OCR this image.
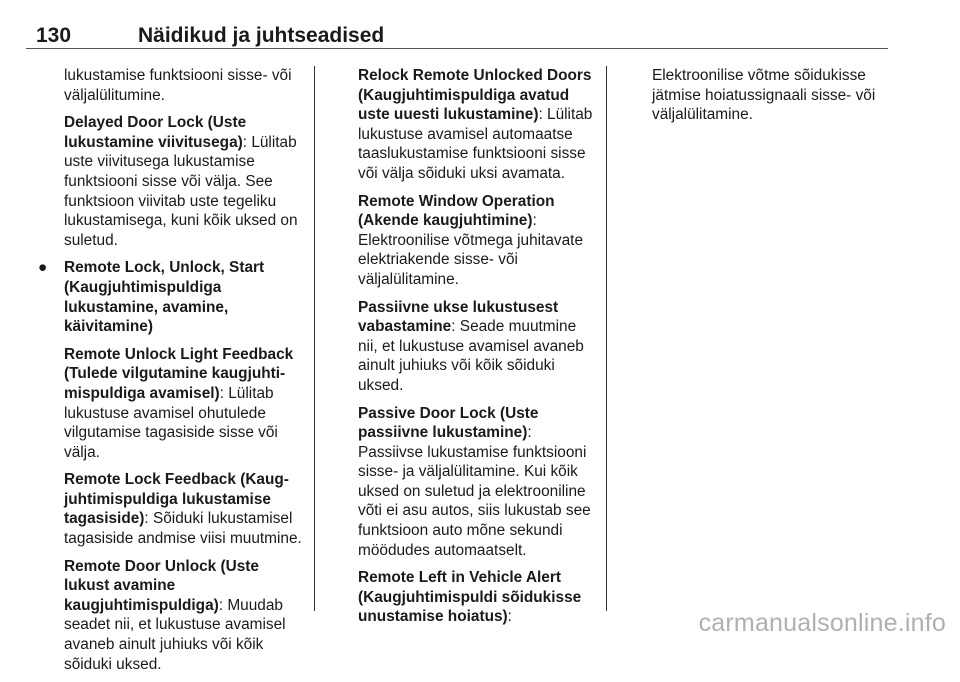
130	Näidikud ja juhtseadised

lukustamise funktsiooni sisse- või väljalülitumine.

Delayed Door Lock (Uste lukustamine viivitusega): Lülitab uste viivitusega lukustamise funktsiooni sisse või välja. See funktsioon viivitab uste tegeliku lukustamisega, kuni kõik uksed on suletud.

● Remote Lock, Unlock, Start (Kaugjuhtimispuldiga lukustamine, avamine, käivitamine)

Remote Unlock Light Feedback (Tulede vilgutamine kaugjuhti- mispuldiga avamisel): Lülitab lukustuse avamisel ohutulede vilgutamise tagasiside sisse või välja.

Remote Lock Feedback (Kaug- juhtimispuldiga lukustamise tagasiside): Sõiduki lukustamisel tagasiside andmise viisi muutmine.

Remote Door Unlock (Uste lukust avamine kaugjuhtimispuldiga): Muudab seadet nii, et lukustuse avamisel avaneb ainult juhiuks või kõik sõiduki uksed.

Relock Remote Unlocked Doors (Kaugjuhtimispuldiga avatud uste uuesti lukustamine): Lülitab lukustuse avamisel automaatse taaslukustamise funktsiooni sisse või välja sõiduki uksi avamata.

Remote Window Operation (Akende kaugjuhtimine): Elektroonilise võtmega juhitavate elektriakende sisse- või väljalülitamine.

Passiivne ukse lukustusest vabastamine: Seade muutmine nii, et lukustuse avamisel avaneb ainult juhiuks või kõik sõiduki uksed.

Passive Door Lock (Uste passiivne lukustamine): Passiivse lukustamise funktsiooni sisse- ja väljalülitamine. Kui kõik uksed on suletud ja elektrooniline võti ei asu autos, siis lukustab see funktsioon auto mõne sekundi möödudes automaatselt.

Remote Left in Vehicle Alert (Kaugjuhtimispuldi sõidukisse unustamise hoiatus):

Elektroonilise võtme sõidukisse jätmise hoiatussignaali sisse- või väljalülitamine.

carmanualsonline.info
